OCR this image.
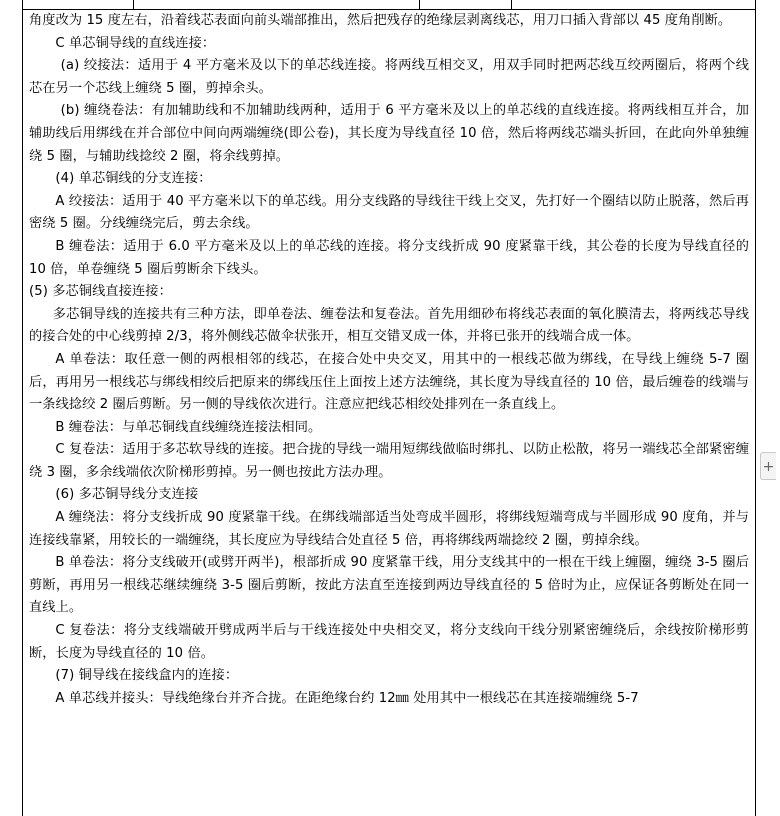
角度改为 15 度左右，沿着线芯表面向前头端部推出，然后把残存的绝缘层剥离线芯，用刀口插入背部以 45 度角削断。

C 单芯铜导线的直线连接：

(a) 绞接法：适用于 4 平方毫米及以下的单芯线连接。将两线互相交叉，用双手同时把两芯线互绞两圈后，将两个线芯在另一个芯线上缠绕 5 圈，剪掉余头。

(b) 缠绕卷法：有加辅助线和不加辅助线两种，适用于 6 平方毫米及以上的单芯线的直线连接。将两线相互并合，加辅助线后用绑线在并合部位中间向两端缠绕(即公卷)，其长度为导线直径 10 倍，然后将两线芯端头折回，在此向外单独缠绕 5 圈，与辅助线捻绞 2 圈，将余线剪掉。

(4) 单芯铜线的分支连接：

A 绞接法：适用于 40 平方毫米以下的单芯线。用分支线路的导线往干线上交叉，先打好一个圈结以防止脱落，然后再密绕 5 圈。分线缠绕完后，剪去余线。

B 缠卷法：适用于 6.0 平方毫米及以上的单芯线的连接。将分支线折成 90 度紧靠干线，其公卷的长度为导线直径的 10 倍，单卷缠绕 5 圈后剪断余下线头。

(5) 多芯铜线直接连接：

多芯铜导线的连接共有三种方法，即单卷法、缠卷法和复卷法。首先用细砂布将线芯表面的氧化膜清去，将两线芯导线的接合处的中心线剪掉 2/3，将外侧线芯做伞状张开，相互交错叉成一体，并将已张开的线端合成一体。

A 单卷法：取任意一侧的两根相邻的线芯，在接合处中央交叉，用其中的一根线芯做为绑线，在导线上缠绕 5-7 圈后，再用另一根线芯与绑线相绞后把原来的绑线压住上面按上述方法缠绕，其长度为导线直径的 10 倍，最后缠卷的线端与一条线捻绞 2 圈后剪断。另一侧的导线依次进行。注意应把线芯相绞处排列在一条直线上。

B 缠卷法：与单芯铜线直线缠绕连接法相同。

C 复卷法：适用于多芯软导线的连接。把合拢的导线一端用短绑线做临时绑扎、以防止松散，将另一端线芯全部紧密缠绕 3 圈，多余线端依次阶梯形剪掉。另一侧也按此方法办理。

(6) 多芯铜导线分支连接

A 缠绕法：将分支线折成 90 度紧靠干线。在绑线端部适当处弯成半圆形，将绑线短端弯成与半圆形成 90 度角，并与连接线靠紧，用较长的一端缠绕，其长度应为导线结合处直径 5 倍，再将绑线两端捻绞 2 圈，剪掉余线。

B 单卷法：将分支线破开(或劈开两半)，根部折成 90 度紧靠干线，用分支线其中的一根在干线上缠圈，缠绕 3-5 圈后剪断，再用另一根线芯继续缠绕 3-5 圈后剪断，按此方法直至连接到两边导线直径的 5 倍时为止，应保证各剪断处在同一直线上。

C 复卷法：将分支线端破开劈成两半后与干线连接处中央相交叉，将分支线向干线分别紧密缠绕后，余线按阶梯形剪断，长度为导线直径的 10 倍。

(7) 铜导线在接线盒内的连接：

A 单芯线并接头：导线绝缘台并齐合拢。在距绝缘台约 12㎜ 处用其中一根线芯在其连接端缠绕 5-7

+
